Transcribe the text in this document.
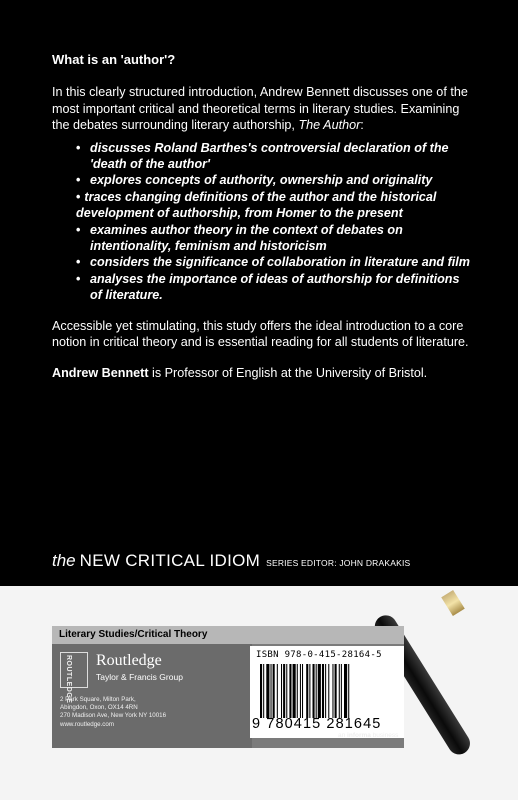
What is an 'author'?

In this clearly structured introduction, Andrew Bennett discusses one of the most important critical and theoretical terms in literary studies. Examining the debates surrounding literary authorship, The Author:

• discusses Roland Barthes's controversial declaration of the 'death of the author'
• explores concepts of authority, ownership and originality
• traces changing definitions of the author and the historical development of authorship, from Homer to the present
• examines author theory in the context of debates on intentionality, feminism and historicism
• considers the significance of collaboration in literature and film
• analyses the importance of ideas of authorship for definitions of literature.

Accessible yet stimulating, this study offers the ideal introduction to a core notion in critical theory and is essential reading for all students of literature.

Andrew Bennett is Professor of English at the University of Bristol.

the NEW CRITICAL IDIOM SERIES EDITOR: JOHN DRAKAKIS
Literary Studies/Critical Theory
ROUTLEDGE Routledge
Taylor & Francis Group
2 Park Square, Milton Park,
Abingdon, Oxon, OX14 4RN
270 Madison Ave, New York NY 10016
www.routledge.com
ISBN 978-0-415-28164-5
9 780415 281645
an informa business
